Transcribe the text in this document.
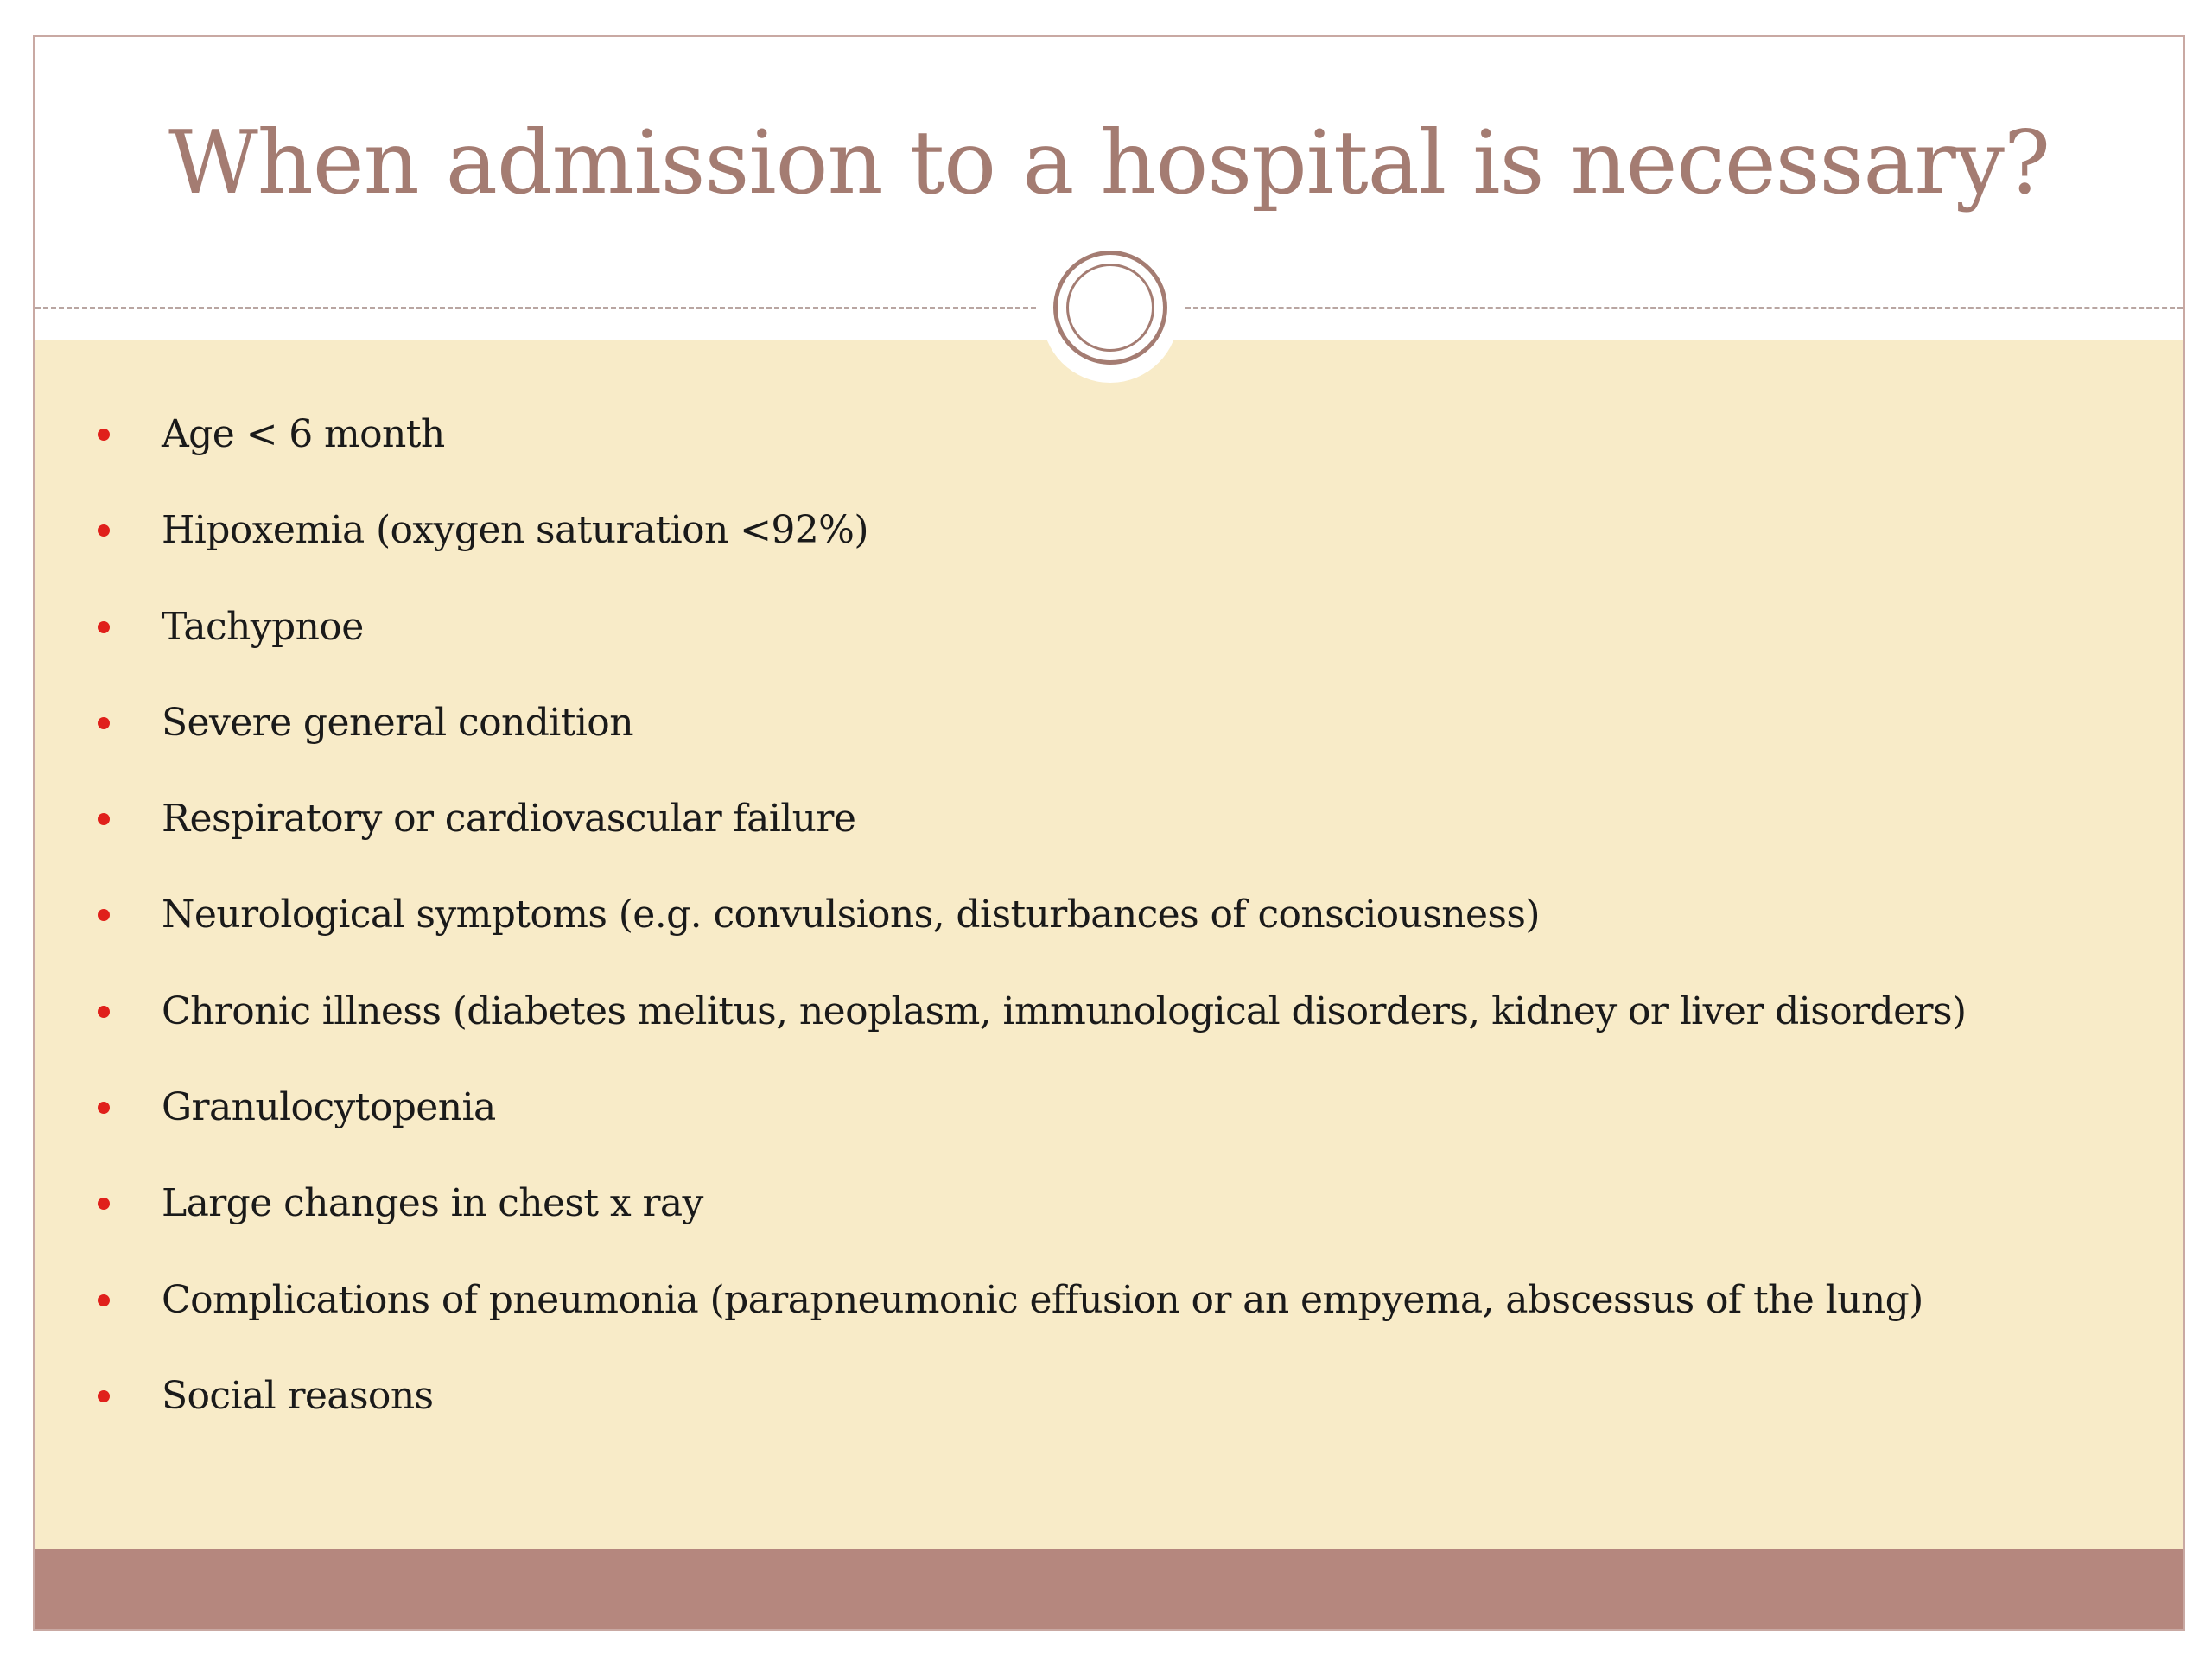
When admission to a hospital is necessary?
Age < 6 month
Hipoxemia (oxygen saturation <92%)
Tachypnoe
Severe general condition
Respiratory or cardiovascular failure
Neurological symptoms (e.g. convulsions, disturbances of consciousness)
Chronic illness (diabetes melitus, neoplasm, immunological disorders, kidney or liver disorders)
Granulocytopenia
Large changes in chest x ray
Complications of pneumonia (parapneumonic effusion or an empyema, abscessus of the lung)
Social reasons
